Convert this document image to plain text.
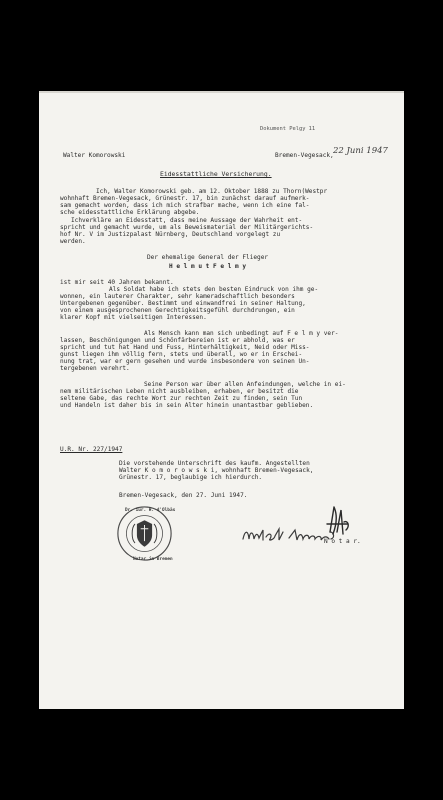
Dokument Pelgy 11
Walter Komorowski	Bremen-Vegesack, 22 Juni 1947
Eidesstattliche Versicherung.
Ich, Walter Komorowski geb. am 12. Oktober 1888 zu Thorn(Westpr
wohnhaft Bremen-Vegesack, Grünestr. 17, bin zunächst darauf aufmerk-
sam gemacht worden, dass ich mich strafbar mache, wenn ich eine fal-
sche eidesstattliche Erklärung abgebe.
Ichverkläre an Eidesstatt, dass meine Aussage der Wahrheit ent-
spricht und gemacht wurde, um als Beweismaterial der Militärgerichts-
hof Nr. V im Justizpalast Nürnberg, Deutschland vorgelegt zu
werden.
Der ehemalige General der Flieger
H e l m u t F e l m y
ist mir seit 40 Jahren bekannt.
Als Soldat habe ich stets den besten Eindruck von ihm ge-
wonnen, ein lauterer Charakter, sehr kameradschaftlich besonders
Untergebenen gegenüber. Bestimmt und einwandfrei in seiner Haltung,
von einem ausgesprochenen Gerechtigkeitsgefühl durchdrungen, ein
klarer Kopf mit vielseitigen Interessen.
Als Mensch kann man sich unbedingt auf F e l m y ver-
lassen, Beschönigungen und Schönfärbereien ist er abhold, was er
spricht und tut hat Hand und Fuss, Hinterhältigkeit, Neid oder Miss-
gunst liegen ihm völlig fern, stets und überall, wo er in Erschei-
nung trat, war er gern gesehen und wurde insbesondere von seinen Un-
tergebenen verehrt.
Seine Person war über allen Anfeindungen, welche in ei-
nem militärischen Leben nicht ausbleiben, erhaben, er besitzt die
seltene Gabe, das rechte Wort zur rechten Zeit zu finden, sein Tun
und Handeln ist daher bis in sein Alter hinein unantastbar geblieben.
U.R. Nr. 227/1947
Die vorstehende Unterschrift des kaufm. Angestellten
Walter K o m o r o w s k i, wohnhaft Bremen-Vegesack,
Grünestr. 17, beglaubige ich hierdurch.
Bremen-Vegesack, den 27. Juni 1947.
N o t a r.
Dr. iur. H. d'Olbäs
Notar in Bremen
